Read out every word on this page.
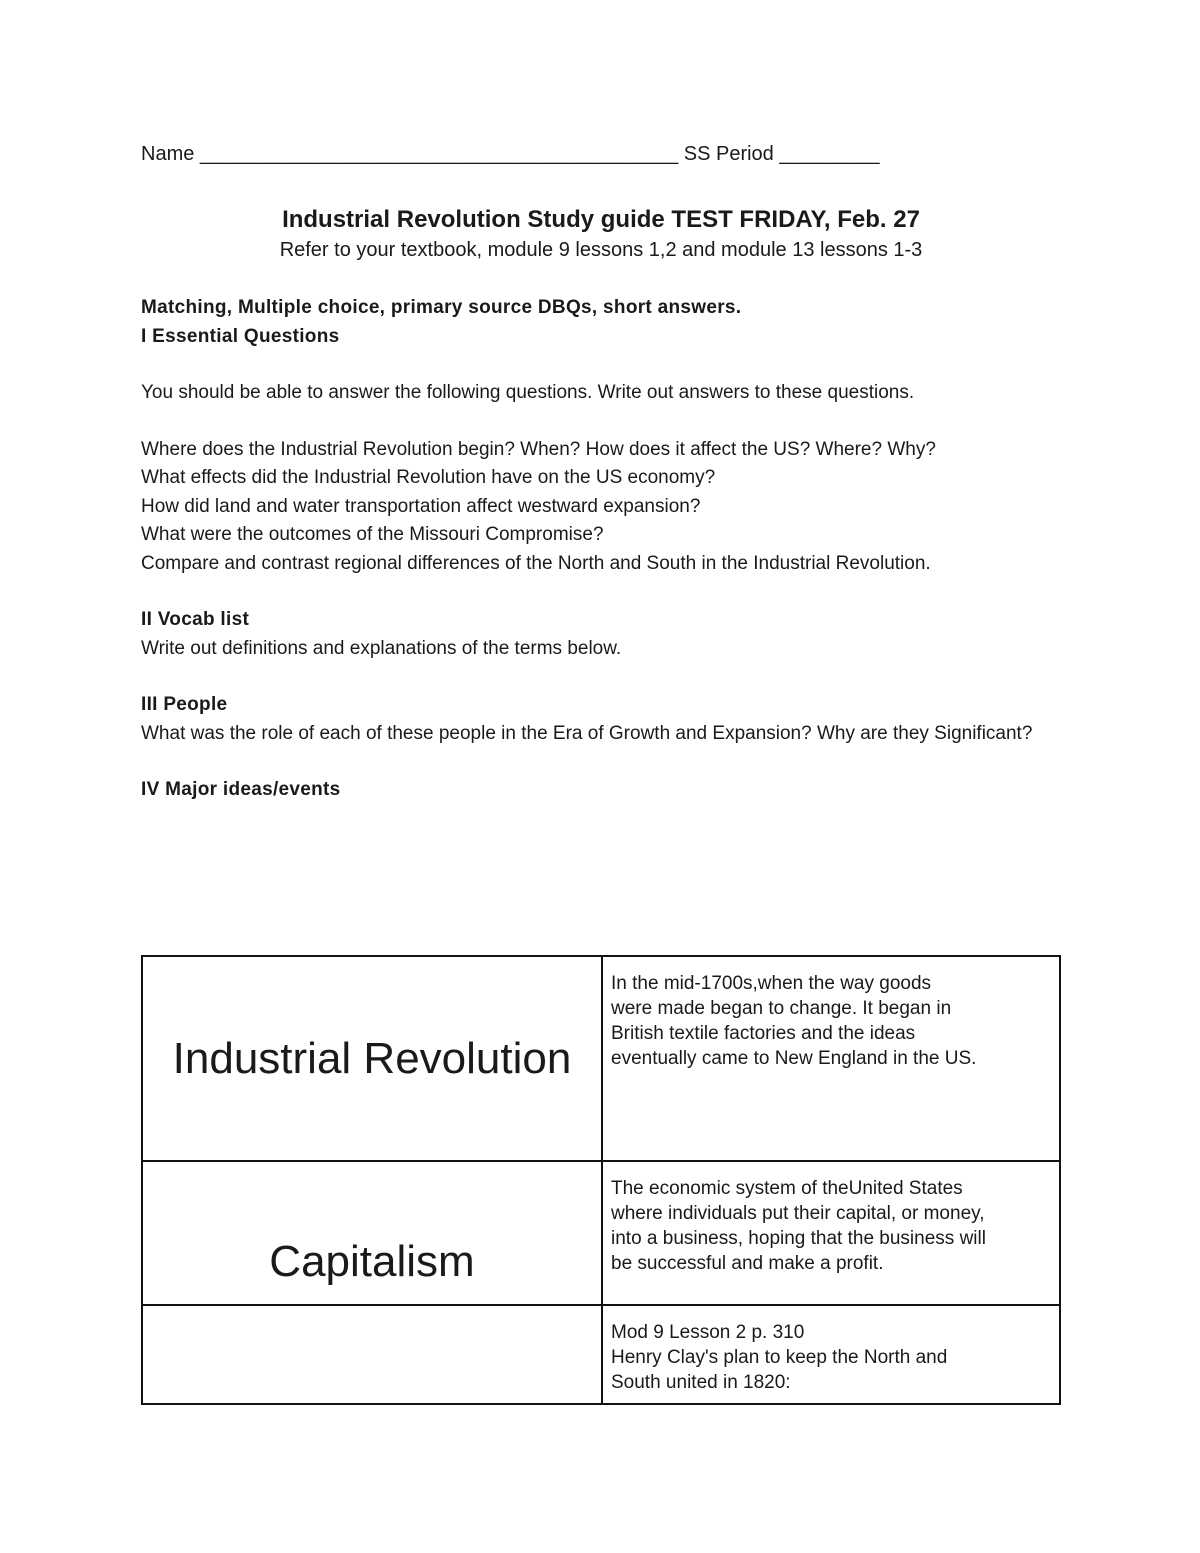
Name ___________________________________________ SS Period _________
Industrial Revolution Study guide TEST FRIDAY, Feb. 27
Refer to your textbook, module 9 lessons 1,2 and module 13 lessons 1-3

Matching, Multiple choice, primary source DBQs, short answers.

I Essential Questions

You should be able to answer the following questions. Write out answers to these questions.

Where does the Industrial Revolution begin? When? How does it affect the US? Where? Why?

What effects did the Industrial Revolution have on the US economy?

How did land and water transportation affect westward expansion?

What were the outcomes of the Missouri Compromise?

Compare and contrast regional differences of the North and South in the Industrial Revolution.

II Vocab list

Write out definitions and explanations of the terms below.

III People

What was the role of each of these people in the Era of Growth and Expansion? Why are they Significant?

IV Major ideas/events

Industrial Revolution	In the mid-1700s,when the way goods
were made began to change. It began in
British textile factories and the ideas
eventually came to New England in the US.

Capitalism	The economic system of theUnited States
where individuals put their capital, or money,
into a business, hoping that the business will
be successful and make a profit.

	Mod 9 Lesson 2 p. 310
Henry Clay's plan to keep the North and
South united in 1820:
